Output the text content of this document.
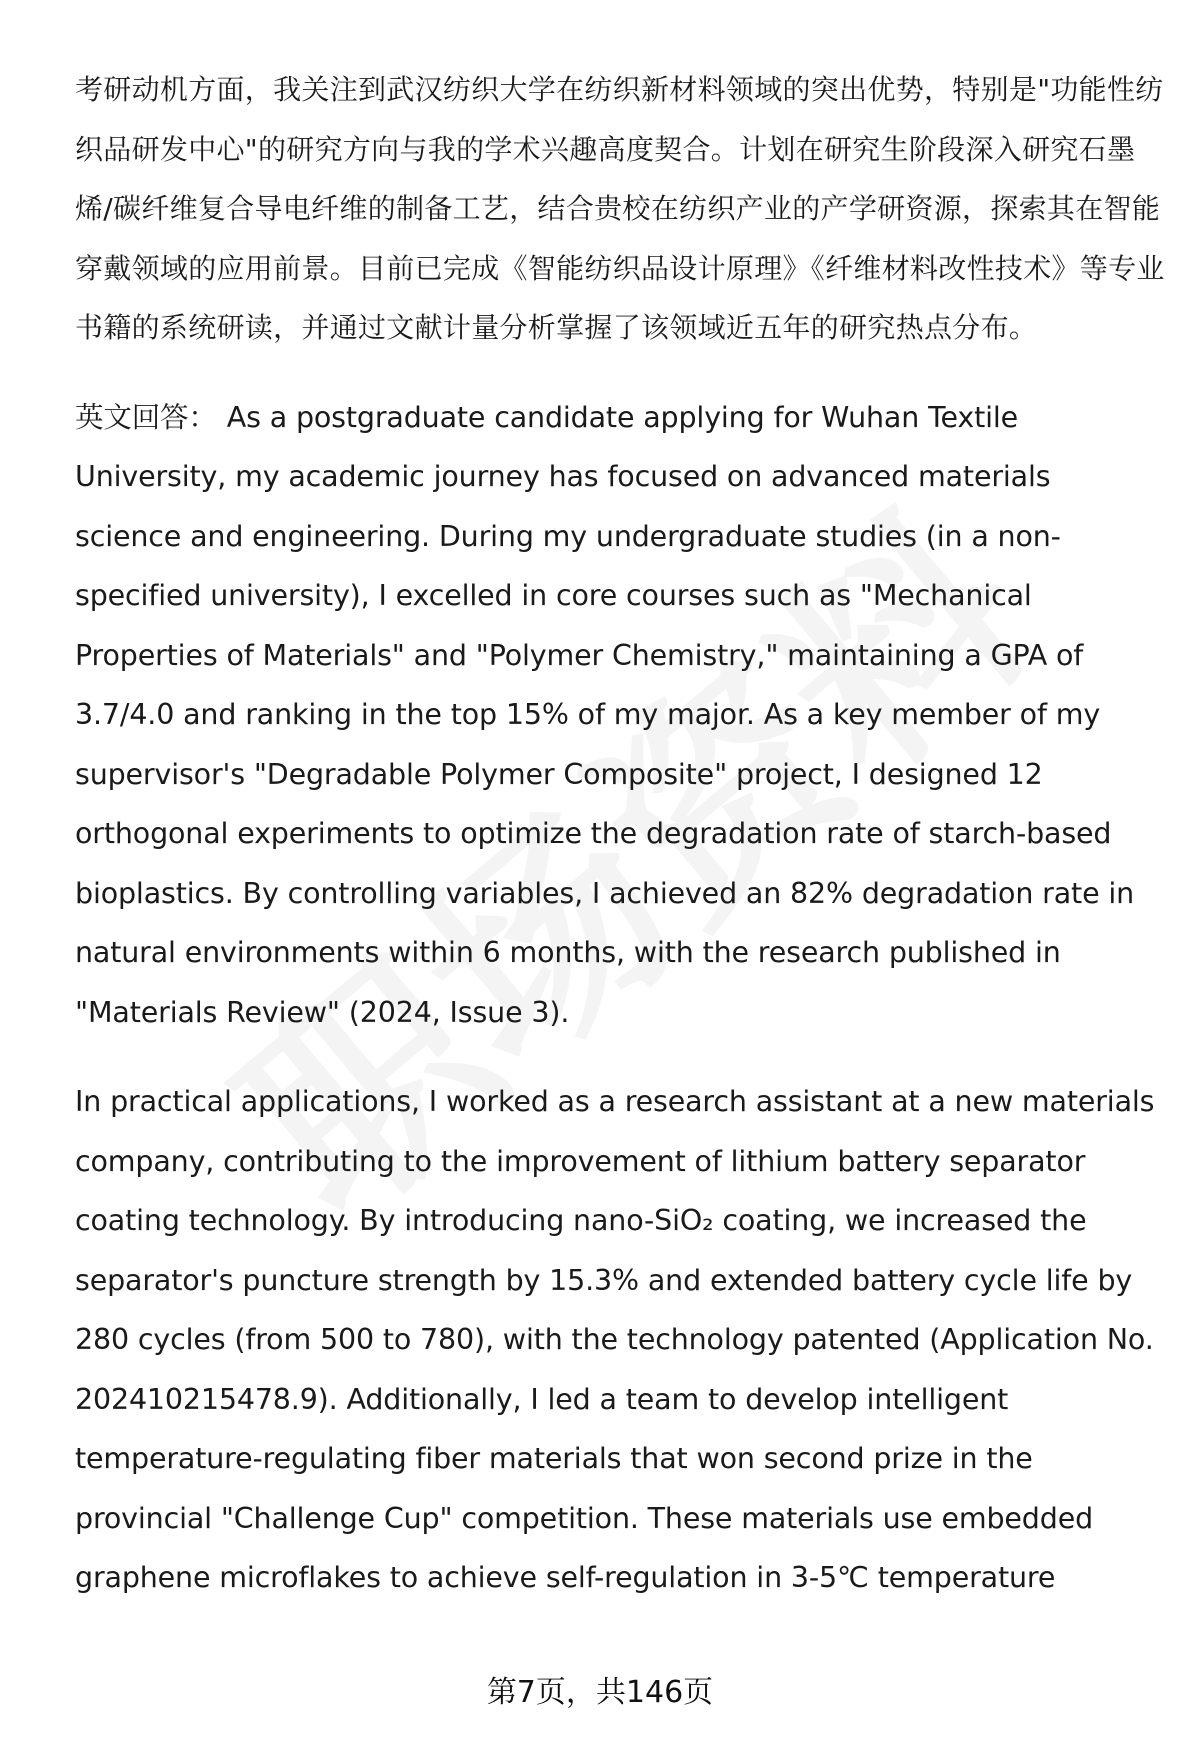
考研动机方面，我关注到武汉纺织大学在纺织新材料领域的突出优势，特别是"功能性纺织品研发中心"的研究方向与我的学术兴趣高度契合。计划在研究生阶段深入研究石墨烯/碳纤维复合导电纤维的制备工艺，结合贵校在纺织产业的产学研资源，探索其在智能穿戴领域的应用前景。目前已完成《智能纺织品设计原理》《纤维材料改性技术》等专业书籍的系统研读，并通过文献计量分析掌握了该领域近五年的研究热点分布。

英文回答： As a postgraduate candidate applying for Wuhan Textile University, my academic journey has focused on advanced materials science and engineering. During my undergraduate studies (in a non-specified university), I excelled in core courses such as "Mechanical Properties of Materials" and "Polymer Chemistry," maintaining a GPA of 3.7/4.0 and ranking in the top 15% of my major. As a key member of my supervisor's "Degradable Polymer Composite" project, I designed 12 orthogonal experiments to optimize the degradation rate of starch-based bioplastics. By controlling variables, I achieved an 82% degradation rate in natural environments within 6 months, with the research published in "Materials Review" (2024, Issue 3).

In practical applications, I worked as a research assistant at a new materials company, contributing to the improvement of lithium battery separator coating technology. By introducing nano-SiO₂ coating, we increased the separator's puncture strength by 15.3% and extended battery cycle life by 280 cycles (from 500 to 780), with the technology patented (Application No. 202410215478.9). Additionally, I led a team to develop intelligent temperature-regulating fiber materials that won second prize in the provincial "Challenge Cup" competition. These materials use embedded graphene microflakes to achieve self-regulation in 3-5℃ temperature

第7页，共146页
